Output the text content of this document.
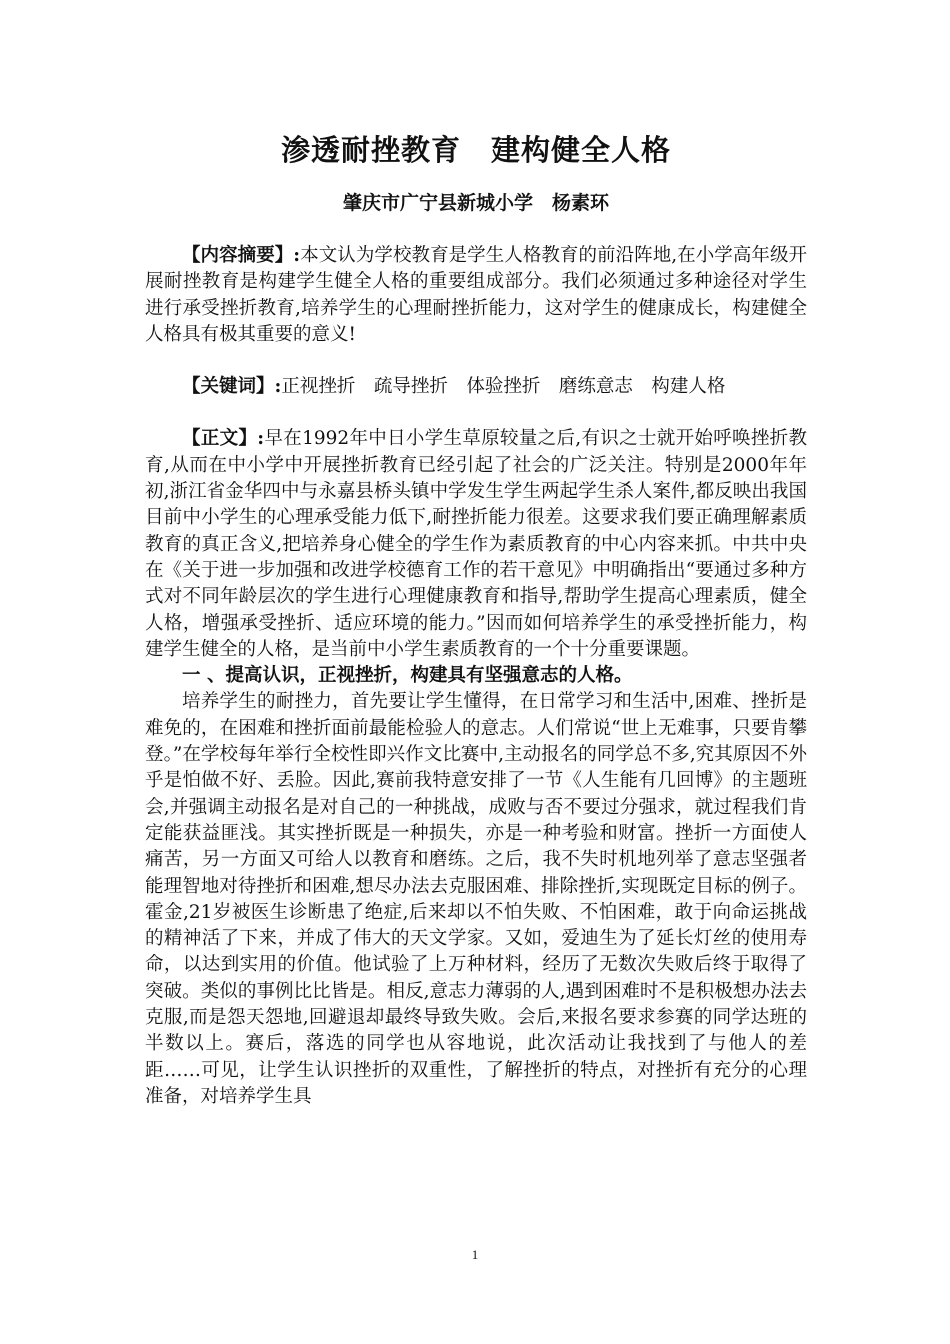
渗透耐挫教育　建构健全人格
肇庆市广宁县新城小学　杨素环

【内容摘要】:本文认为学校教育是学生人格教育的前沿阵地,在小学高年级开展耐挫教育是构建学生健全人格的重要组成部分。我们必须通过多种途径对学生进行承受挫折教育,培养学生的心理耐挫折能力，这对学生的健康成长，构建健全人格具有极其重要的意义!

【关键词】:正视挫折　疏导挫折　体验挫折　磨练意志　构建人格

【正文】:早在1992年中日小学生草原较量之后,有识之士就开始呼唤挫折教育,从而在中小学中开展挫折教育已经引起了社会的广泛关注。特别是2000年年初,浙江省金华四中与永嘉县桥头镇中学发生学生两起学生杀人案件,都反映出我国目前中小学生的心理承受能力低下,耐挫折能力很差。这要求我们要正确理解素质教育的真正含义,把培养身心健全的学生作为素质教育的中心内容来抓。中共中央在《关于进一步加强和改进学校德育工作的若干意见》中明确指出“要通过多种方式对不同年龄层次的学生进行心理健康教育和指导,帮助学生提高心理素质，健全人格，增强承受挫折、适应环境的能力。”因而如何培养学生的承受挫折能力，构建学生健全的人格，是当前中小学生素质教育的一个十分重要课题。

一 、提高认识，正视挫折，构建具有坚强意志的人格。

培养学生的耐挫力，首先要让学生懂得，在日常学习和生活中,困难、挫折是难免的，在困难和挫折面前最能检验人的意志。人们常说“世上无难事，只要肯攀登。”在学校每年举行全校性即兴作文比赛中,主动报名的同学总不多,究其原因不外乎是怕做不好、丢脸。因此,赛前我特意安排了一节《人生能有几回博》的主题班会,并强调主动报名是对自己的一种挑战，成败与否不要过分强求，就过程我们肯定能获益匪浅。其实挫折既是一种损失，亦是一种考验和财富。挫折一方面使人痛苦，另一方面又可给人以教育和磨练。之后，我不失时机地列举了意志坚强者能理智地对待挫折和困难,想尽办法去克服困难、排除挫折,实现既定目标的例子。霍金,21岁被医生诊断患了绝症,后来却以不怕失败、不怕困难，敢于向命运挑战的精神活了下来，并成了伟大的天文学家。又如，爱迪生为了延长灯丝的使用寿命，以达到实用的价值。他试验了上万种材料，经历了无数次失败后终于取得了突破。类似的事例比比皆是。相反,意志力薄弱的人,遇到困难时不是积极想办法去克服,而是怨天怨地,回避退却最终导致失败。会后,来报名要求参赛的同学达班的半数以上。赛后，落选的同学也从容地说，此次活动让我找到了与他人的差距……可见，让学生认识挫折的双重性，了解挫折的特点，对挫折有充分的心理准备，对培养学生具

1
